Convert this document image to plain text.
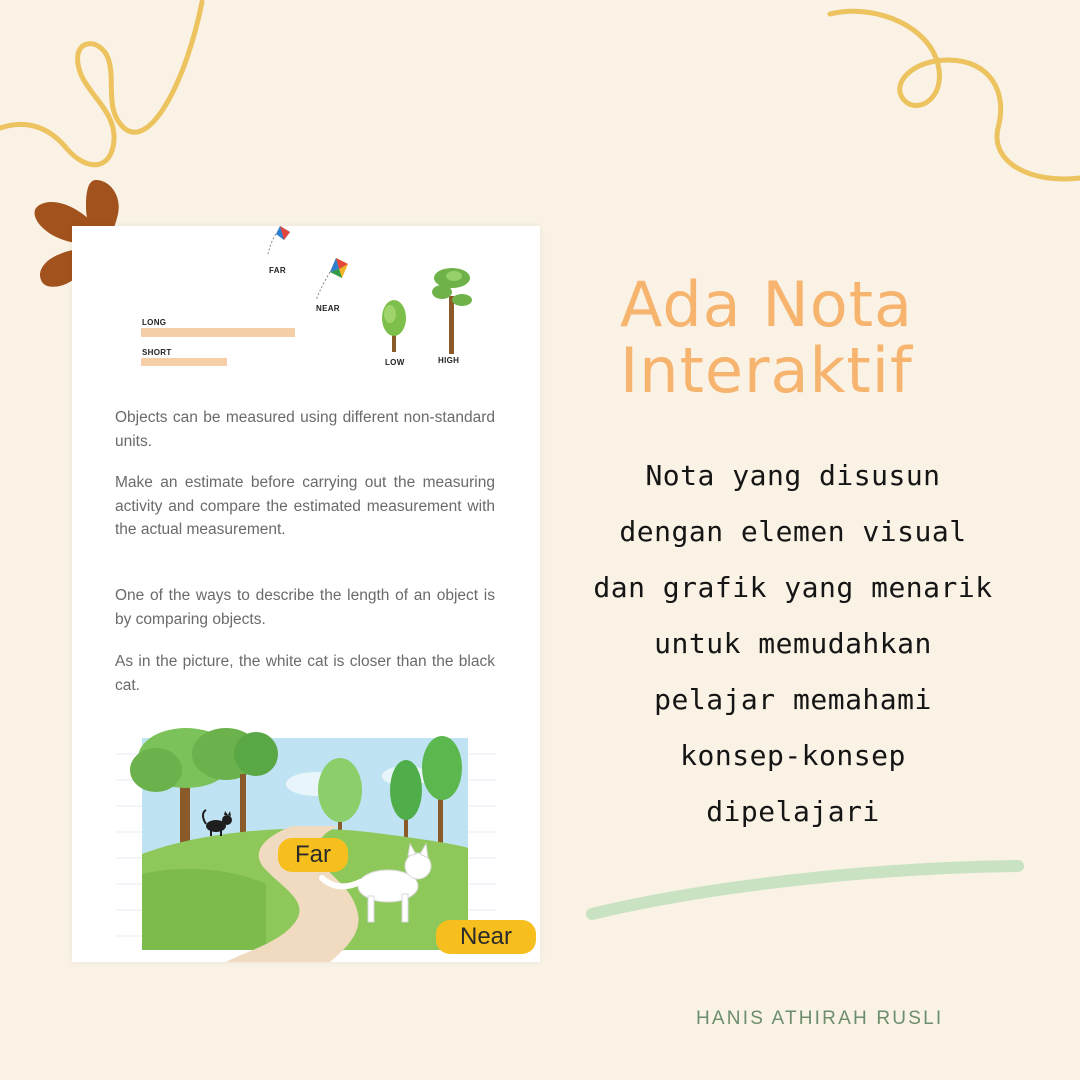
FAR
NEAR
LONG
SHORT
LOW	HIGH

Objects can be measured using different non-standard units.

Make an estimate before carrying out the measuring activity and compare the estimated measurement with the actual measurement.

One of the ways to describe the length of an object is by comparing objects.

As in the picture, the white cat is closer than the black cat.

Far
Near
Ada Nota
Interaktif

Nota yang disusun dengan elemen visual dan grafik yang menarik untuk memudahkan pelajar memahami konsep-konsep dipelajari

HANIS ATHIRAH RUSLI
